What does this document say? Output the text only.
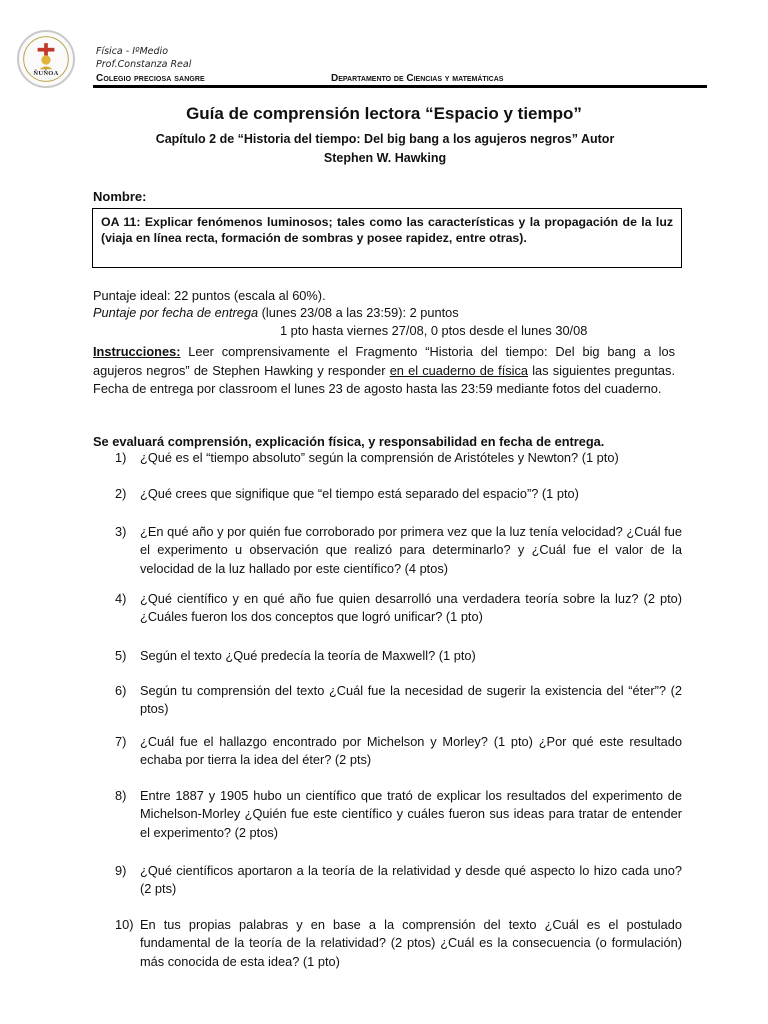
ÑUÑOA
Física - IºMedio
Prof.Constanza Real
Colegio preciosa sangre	Departamento de Ciencias y matemáticas
Guía de comprensión lectora “Espacio y tiempo”
Capítulo 2 de “Historia del tiempo: Del big bang a los agujeros negros” Autor Stephen W. Hawking
Nombre:
OA 11: Explicar fenómenos luminosos; tales como las características y la propagación de la luz (viaja en línea recta, formación de sombras y posee rapidez, entre otras).
Puntaje ideal: 22 puntos (escala al 60%).
Puntaje por fecha de entrega (lunes 23/08 a las 23:59): 2 puntos
1 pto hasta viernes 27/08, 0 ptos desde el lunes 30/08
Instrucciones: Leer comprensivamente el Fragmento “Historia del tiempo: Del big bang a los agujeros negros” de Stephen Hawking y responder en el cuaderno de física las siguientes preguntas. Fecha de entrega por classroom el lunes 23 de agosto hasta las 23:59 mediante fotos del cuaderno.
Se evaluará comprensión, explicación física, y responsabilidad en fecha de entrega.
1)	¿Qué es el “tiempo absoluto” según la comprensión de Aristóteles y Newton? (1 pto)
2)	¿Qué crees que signifique que “el tiempo está separado del espacio”? (1 pto)
3)	¿En qué año y por quién fue corroborado por primera vez que la luz tenía velocidad? ¿Cuál fue el experimento u observación que realizó para determinarlo? y ¿Cuál fue el valor de la velocidad de la luz hallado por este científico? (4 ptos)
4)	¿Qué científico y en qué año fue quien desarrolló una verdadera teoría sobre la luz? (2 pto) ¿Cuáles fueron los dos conceptos que logró unificar? (1 pto)
5)	Según el texto ¿Qué predecía la teoría de Maxwell? (1 pto)
6)	Según tu comprensión del texto ¿Cuál fue la necesidad de sugerir la existencia del “éter”? (2 ptos)
7)	¿Cuál fue el hallazgo encontrado por Michelson y Morley? (1 pto) ¿Por qué este resultado echaba por tierra la idea del éter? (2 pts)
8)	Entre 1887 y 1905 hubo un científico que trató de explicar los resultados del experimento de Michelson-Morley ¿Quién fue este científico y cuáles fueron sus ideas para tratar de entender el experimento? (2 ptos)
9)	¿Qué científicos aportaron a la teoría de la relatividad y desde qué aspecto lo hizo cada uno? (2 pts)
10) En tus propias palabras y en base a la comprensión del texto ¿Cuál es el postulado fundamental de la teoría de la relatividad? (2 ptos) ¿Cuál es la consecuencia (o formulación) más conocida de esta idea? (1 pto)
